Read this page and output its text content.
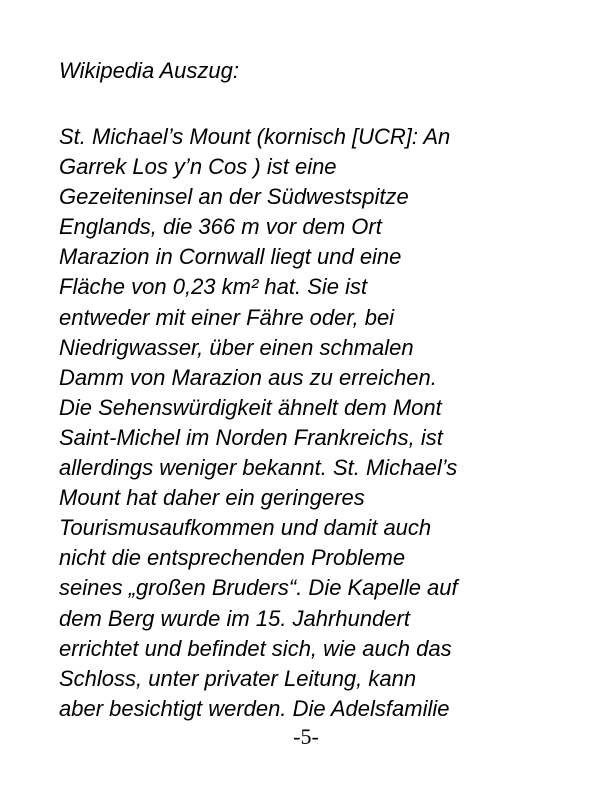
Wikipedia Auszug:
St. Michael’s Mount (kornisch [UCR]: An
Garrek Los y’n Cos ) ist eine
Gezeiteninsel an der Südwestspitze
Englands, die 366 m vor dem Ort
Marazion in Cornwall liegt und eine
Fläche von 0,23 km² hat. Sie ist
entweder mit einer Fähre oder, bei
Niedrigwasser, über einen schmalen
Damm von Marazion aus zu erreichen.
Die Sehenswürdigkeit ähnelt dem Mont
Saint-Michel im Norden Frankreichs, ist
allerdings weniger bekannt. St. Michael’s
Mount hat daher ein geringeres
Tourismusaufkommen und damit auch
nicht die entsprechenden Probleme
seines „großen Bruders“. Die Kapelle auf
dem Berg wurde im 15. Jahrhundert
errichtet und befindet sich, wie auch das
Schloss, unter privater Leitung, kann
aber besichtigt werden. Die Adelsfamilie
-5-
